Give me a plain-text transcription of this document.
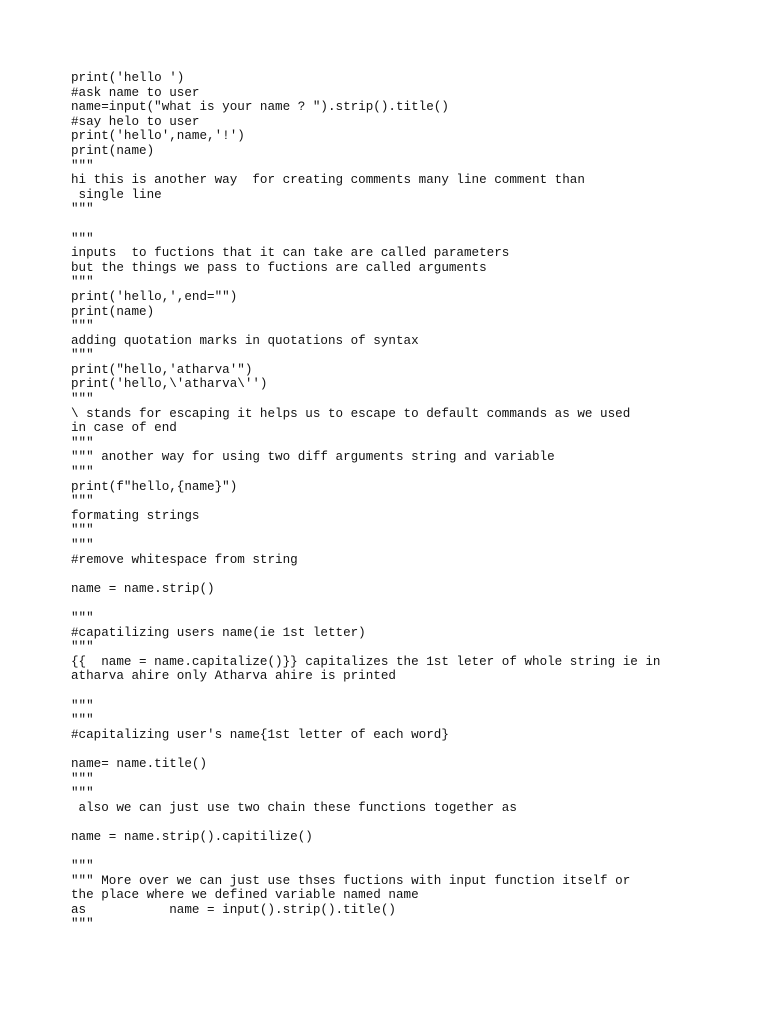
print('hello ')
#ask name to user
name=input("what is your name ? ").strip().title()
#say helo to user
print('hello',name,'!')
print(name)
"""
hi this is another way  for creating comments many line comment than
single line
"""
"""
inputs  to fuctions that it can take are called parameters
but the things we pass to fuctions are called arguments
"""
print('hello,',end="")
print(name)
"""
adding quotation marks in quotations of syntax
"""
print("hello,'atharva'")
print('hello,\'atharva\'')
"""
\ stands for escaping it helps us to escape to default commands as we used
in case of end
"""
""" another way for using two diff arguments string and variable
"""
print(f"hello,{name}")
"""
formating strings
"""
"""
#remove whitespace from string
name = name.strip()
"""
#capatilizing users name(ie 1st letter)
"""
{{  name = name.capitalize()}} capitalizes the 1st leter of whole string ie in
atharva ahire only Atharva ahire is printed
"""
"""
#capitalizing user's name{1st letter of each word}
name= name.title()
"""
"""
also we can just use two chain these functions together as
name = name.strip().capitilize()
"""
""" More over we can just use thses fuctions with input function itself or
the place where we defined variable named name
as           name = input().strip().title()
"""
